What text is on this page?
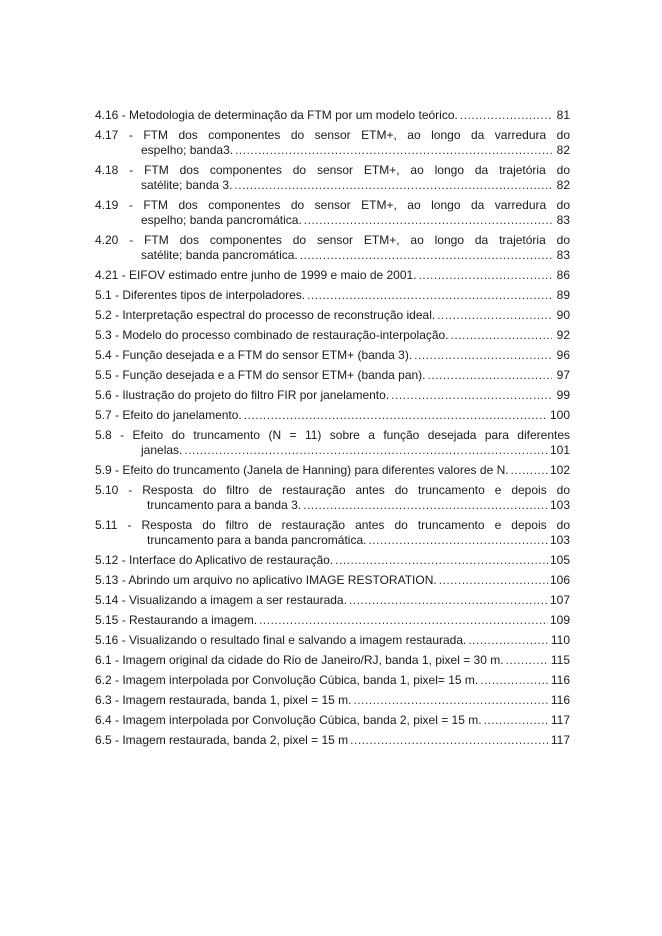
4.16 - Metodologia de determinação da FTM por um modelo teórico. .....	81
4.17 - FTM dos componentes do sensor ETM+, ao longo da varredura do
espelho; banda3. .....	82
4.18 - FTM dos componentes do sensor ETM+, ao longo da trajetória do
satélite; banda 3. .....	82
4.19 - FTM dos componentes do sensor ETM+, ao longo da varredura do
espelho; banda pancromática. .....	83
4.20 - FTM dos componentes do sensor ETM+, ao longo da trajetória do
satélite; banda pancromática. .....	83
4.21 - EIFOV estimado entre junho de 1999 e maio de 2001. .....	86
5.1 - Diferentes tipos de interpoladores. .....	89
5.2 - Interpretação espectral do processo de reconstrução ideal. .....	90
5.3 - Modelo do processo combinado de restauração-interpolação. .....	92
5.4 - Função desejada e a FTM do sensor ETM+ (banda 3). .....	96
5.5 - Função desejada e a FTM do sensor ETM+ (banda pan). .....	97
5.6 - Ilustração do projeto do filtro FIR por janelamento. .....	99
5.7 - Efeito do janelamento. .....	100
5.8 - Efeito do truncamento (N = 11) sobre a função desejada para diferentes
janelas. .....	101
5.9 - Efeito do truncamento (Janela de Hanning) para diferentes valores de N. .....	102
5.10 - Resposta do filtro de restauração antes do truncamento e depois do
truncamento para a banda 3. .....	103
5.11 - Resposta do filtro de restauração antes do truncamento e depois do
truncamento para a banda pancromática. .....	103
5.12 - Interface do Aplicativo de restauração. .....	105
5.13 - Abrindo um arquivo no aplicativo IMAGE RESTORATION. .....	106
5.14 - Visualizando a imagem a ser restaurada. .....	107
5.15 - Restaurando a imagem. .....	109
5.16 - Visualizando o resultado final e salvando a imagem restaurada. .....	110
6.1 - Imagem original da cidade do Rio de Janeiro/RJ, banda 1, pixel = 30 m. .....	115
6.2 - Imagem interpolada por Convolução Cúbica, banda 1, pixel= 15 m. .....	116
6.3 - Imagem restaurada, banda 1, pixel = 15 m. .....	116
6.4 - Imagem interpolada por Convolução Cúbica, banda 2, pixel = 15 m. .....	117
6.5 - Imagem restaurada, banda 2, pixel = 15 m .....	117
